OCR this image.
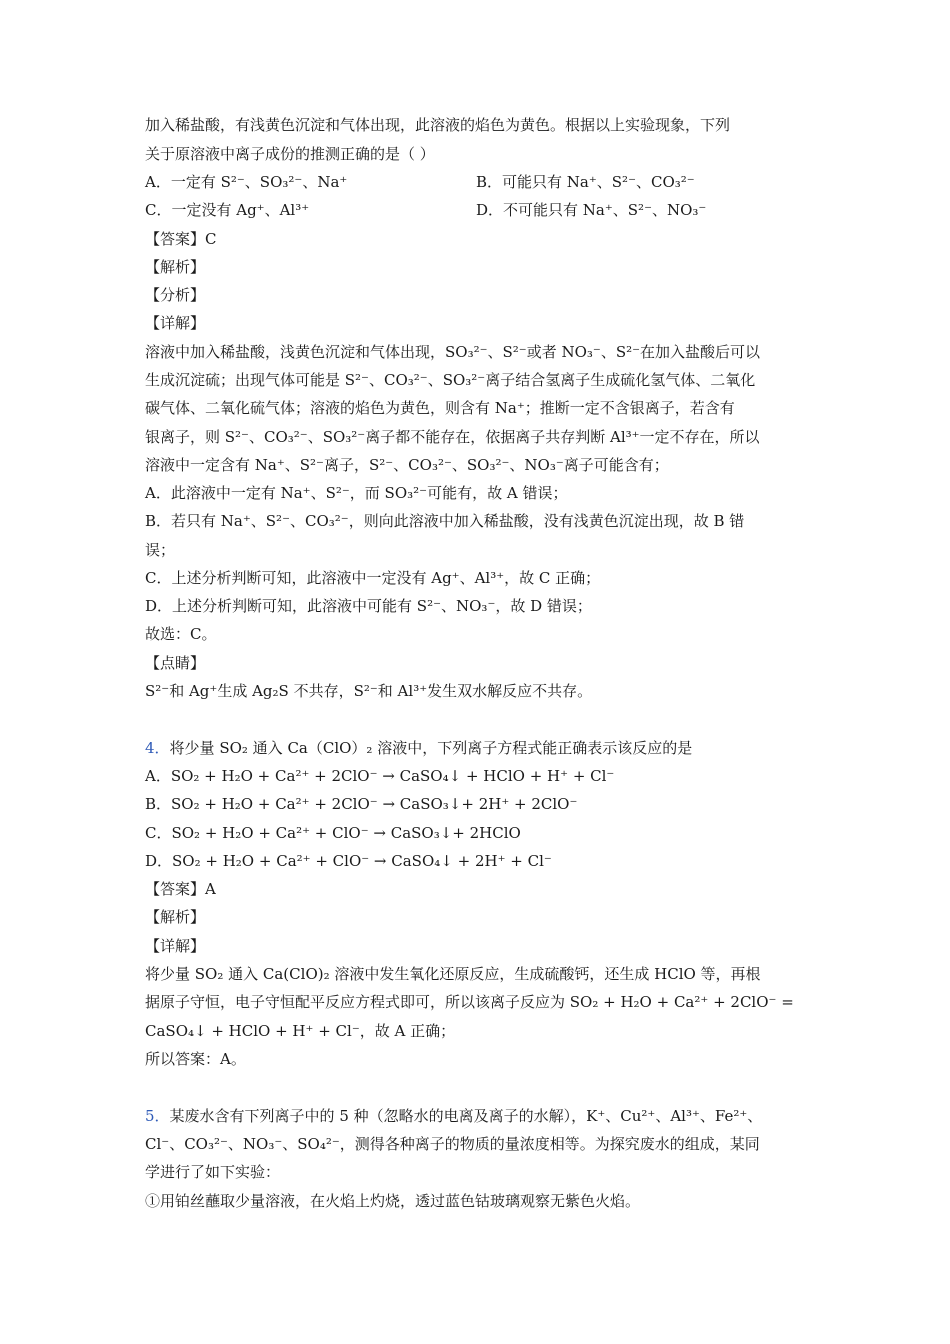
加入稀盐酸，有浅黄色沉淀和气体出现，此溶液的焰色为黄色。根据以上实验现象，下列
关于原溶液中离子成份的推测正确的是（ ）
A．一定有 S²⁻、SO₃²⁻、Na⁺	B．可能只有 Na⁺、S²⁻、CO₃²⁻
C．一定没有 Ag⁺、Al³⁺	D．不可能只有 Na⁺、S²⁻、NO₃⁻
【答案】C
【解析】
【分析】
【详解】
溶液中加入稀盐酸，浅黄色沉淀和气体出现，SO₃²⁻、S²⁻或者 NO₃⁻、S²⁻在加入盐酸后可以
生成沉淀硫；出现气体可能是 S²⁻、CO₃²⁻、SO₃²⁻离子结合氢离子生成硫化氢气体、二氧化
碳气体、二氧化硫气体；溶液的焰色为黄色，则含有 Na⁺；推断一定不含银离子，若含有
银离子，则 S²⁻、CO₃²⁻、SO₃²⁻离子都不能存在，依据离子共存判断 Al³⁺一定不存在，所以
溶液中一定含有 Na⁺、S²⁻离子，S²⁻、CO₃²⁻、SO₃²⁻、NO₃⁻离子可能含有；
A．此溶液中一定有 Na⁺、S²⁻，而 SO₃²⁻可能有，故 A 错误；
B．若只有 Na⁺、S²⁻、CO₃²⁻，则向此溶液中加入稀盐酸，没有浅黄色沉淀出现，故 B 错
误；
C．上述分析判断可知，此溶液中一定没有 Ag⁺、Al³⁺，故 C 正确；
D．上述分析判断可知，此溶液中可能有 S²⁻、NO₃⁻，故 D 错误；
故选：C。
【点睛】
S²⁻和 Ag⁺生成 Ag₂S 不共存，S²⁻和 Al³⁺发生双水解反应不共存。
4．将少量 SO₂ 通入 Ca（ClO）₂ 溶液中，下列离子方程式能正确表示该反应的是
A．SO₂ + H₂O + Ca²⁺ + 2ClO⁻ → CaSO₄↓ + HClO + H⁺ + Cl⁻
B．SO₂ + H₂O + Ca²⁺ + 2ClO⁻ → CaSO₃↓+ 2H⁺ + 2ClO⁻
C．SO₂ + H₂O + Ca²⁺ + ClO⁻ → CaSO₃↓+ 2HClO
D．SO₂ + H₂O + Ca²⁺ + ClO⁻ → CaSO₄↓ + 2H⁺ + Cl⁻
【答案】A
【解析】
【详解】
将少量 SO₂ 通入 Ca(ClO)₂ 溶液中发生氧化还原反应，生成硫酸钙，还生成 HClO 等，再根
据原子守恒，电子守恒配平反应方程式即可，所以该离子反应为 SO₂ + H₂O + Ca²⁺ + 2ClO⁻ =
CaSO₄↓ + HClO + H⁺ + Cl⁻，故 A 正确；
所以答案：A。
5．某废水含有下列离子中的 5 种（忽略水的电离及离子的水解），K⁺、Cu²⁺、Al³⁺、Fe²⁺、
Cl⁻、CO₃²⁻、NO₃⁻、SO₄²⁻，测得各种离子的物质的量浓度相等。为探究废水的组成，某同
学进行了如下实验：
①用铂丝蘸取少量溶液，在火焰上灼烧，透过蓝色钴玻璃观察无紫色火焰。
